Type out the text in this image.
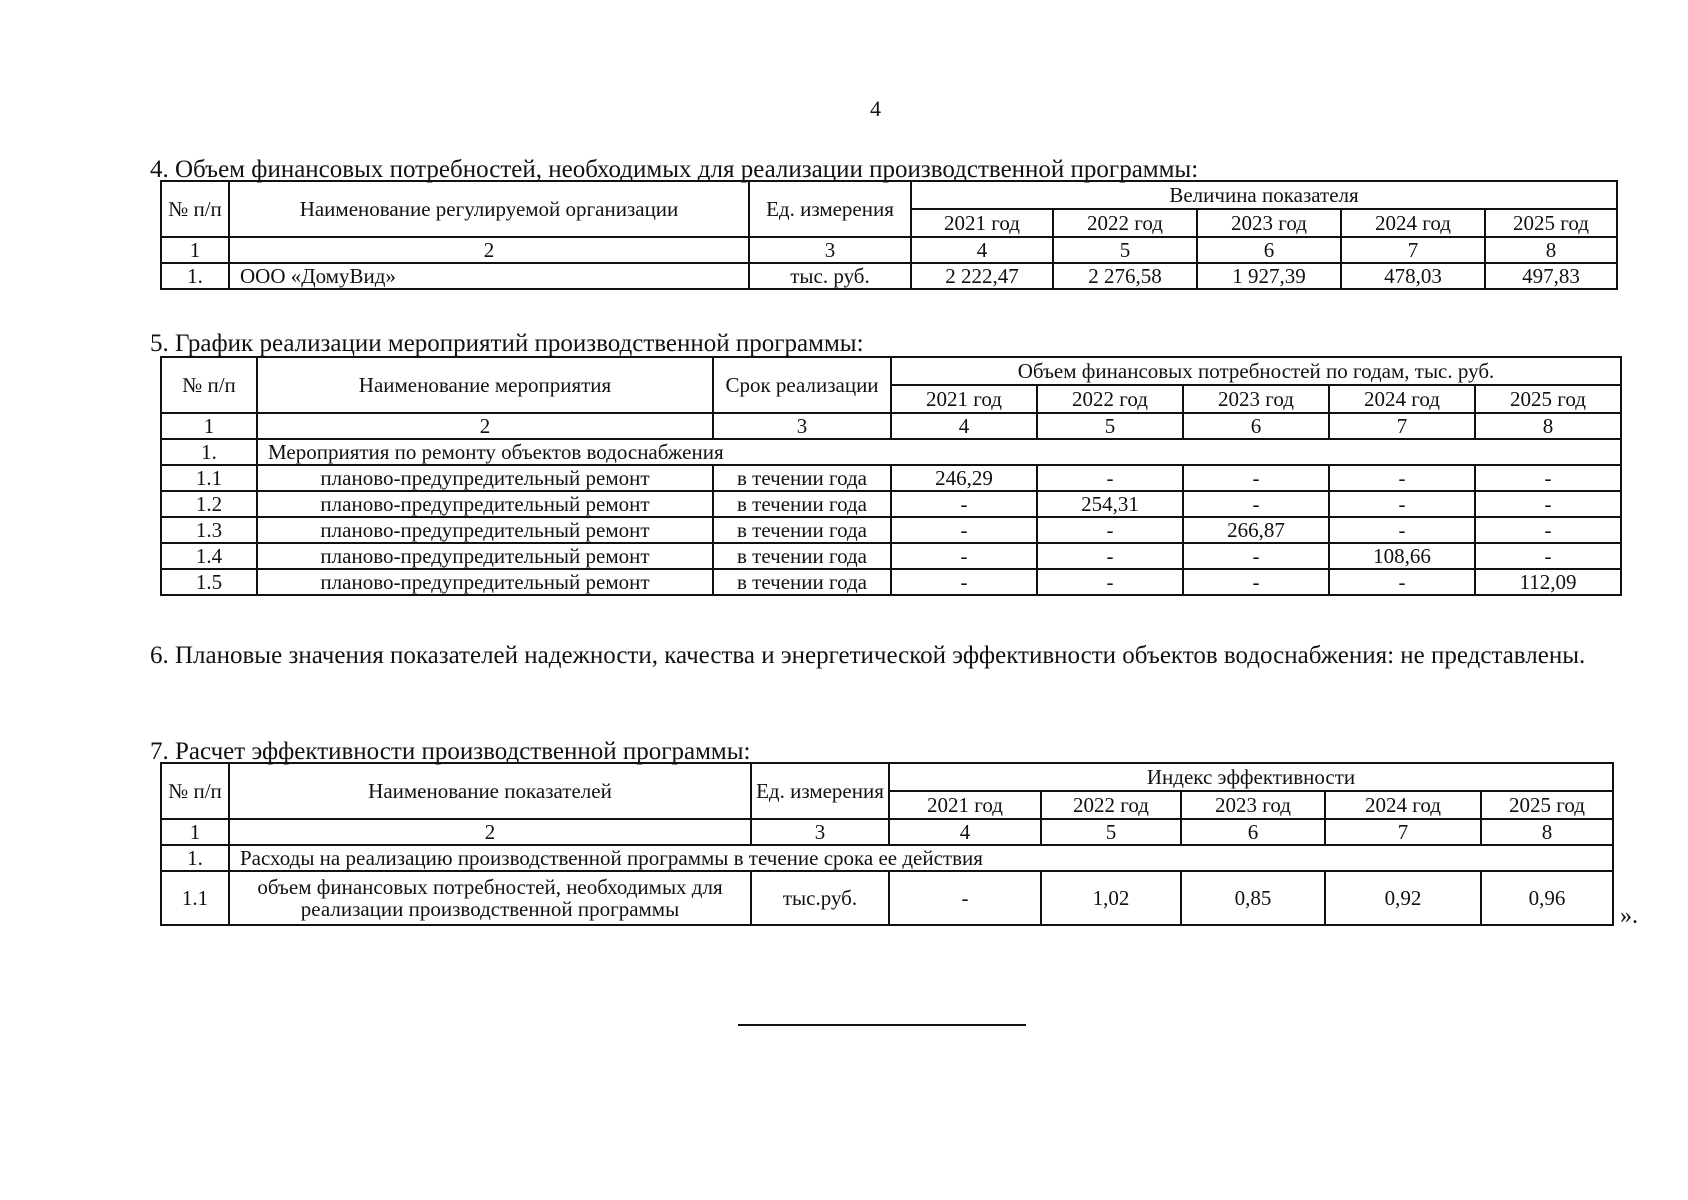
4
4. Объем финансовых потребностей, необходимых для реализации производственной программы:
№ п/п	Наименование регулируемой организации	Ед. измерения	Величина показателя				
			2021 год	2022 год	2023 год	2024 год	2025 год
1	2	3	4	5	6	7	8
1.	ООО «ДомуВид»	тыс. руб.	2 222,47	2 276,58	1 927,39	478,03	497,83
5. График реализации мероприятий производственной программы:
№ п/п	Наименование мероприятия	Срок реализации	Объем финансовых потребностей по годам, тыс. руб.				
			2021 год	2022 год	2023 год	2024 год	2025 год
1	2	3	4	5	6	7	8
1.	Мероприятия по ремонту объектов водоснабжения						
1.1	планово-предупредительный ремонт	в течении года	246,29	-	-	-	-
1.2	планово-предупредительный ремонт	в течении года	-	254,31	-	-	-
1.3	планово-предупредительный ремонт	в течении года	-	-	266,87	-	-
1.4	планово-предупредительный ремонт	в течении года	-	-	-	108,66	-
1.5	планово-предупредительный ремонт	в течении года	-	-	-	-	112,09
6. Плановые значения показателей надежности, качества и энергетической эффективности объектов водоснабжения: не представлены.
7. Расчет эффективности производственной программы:
№ п/п	Наименование показателей	Ед. измерения	Индекс эффективности				
			2021 год	2022 год	2023 год	2024 год	2025 год
1	2	3	4	5	6	7	8
1.	Расходы на реализацию производственной программы в течение срока ее действия						
1.1	объем финансовых потребностей, необходимых для реализации производственной программы	тыс.руб.	-	1,02	0,85	0,92	0,96
».
